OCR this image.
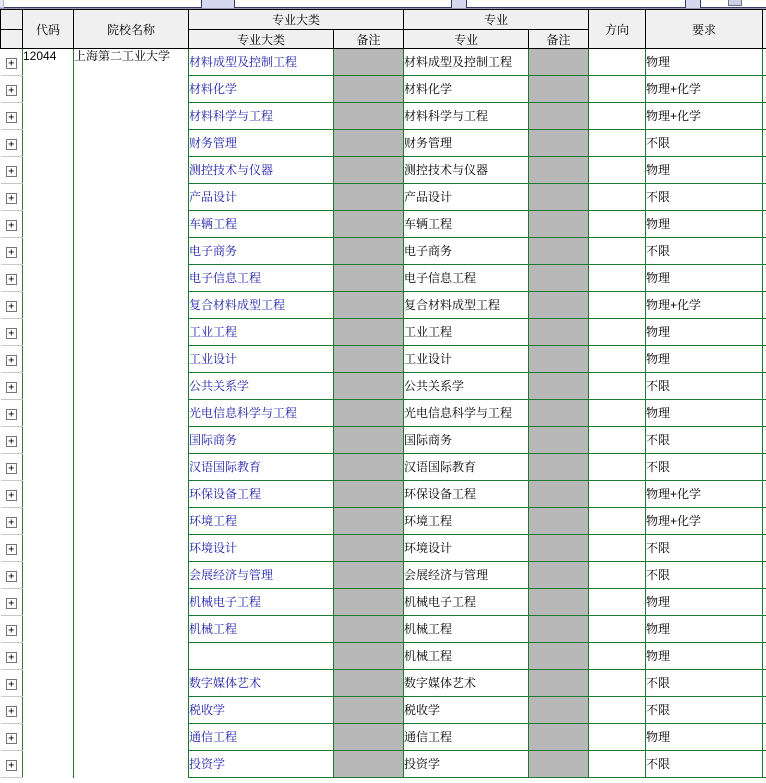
	代码	院校名称	专业大类		专业		方向	要求	
			专业大类	备注	专业	备注			
+	12044	上海第二工业大学	材料成型及控制工程		材料成型及控制工程			物理	
+			材料化学		材料化学			物理+化学	
+			材料科学与工程		材料科学与工程			物理+化学	
+			财务管理		财务管理			不限	
+			测控技术与仪器		测控技术与仪器			物理	
+			产品设计		产品设计			不限	
+			车辆工程		车辆工程			物理	
+			电子商务		电子商务			不限	
+			电子信息工程		电子信息工程			物理	
+			复合材料成型工程		复合材料成型工程			物理+化学	
+			工业工程		工业工程			物理	
+			工业设计		工业设计			物理	
+			公共关系学		公共关系学			不限	
+			光电信息科学与工程		光电信息科学与工程			物理	
+			国际商务		国际商务			不限	
+			汉语国际教育		汉语国际教育			不限	
+			环保设备工程		环保设备工程			物理+化学	
+			环境工程		环境工程			物理+化学	
+			环境设计		环境设计			不限	
+			会展经济与管理		会展经济与管理			不限	
+			机械电子工程		机械电子工程			物理	
+			机械工程		机械工程			物理	
+					机械工程			物理	
+			数字媒体艺术		数字媒体艺术			不限	
+			税收学		税收学			不限	
+			通信工程		通信工程			物理	
+			投资学		投资学			不限	
